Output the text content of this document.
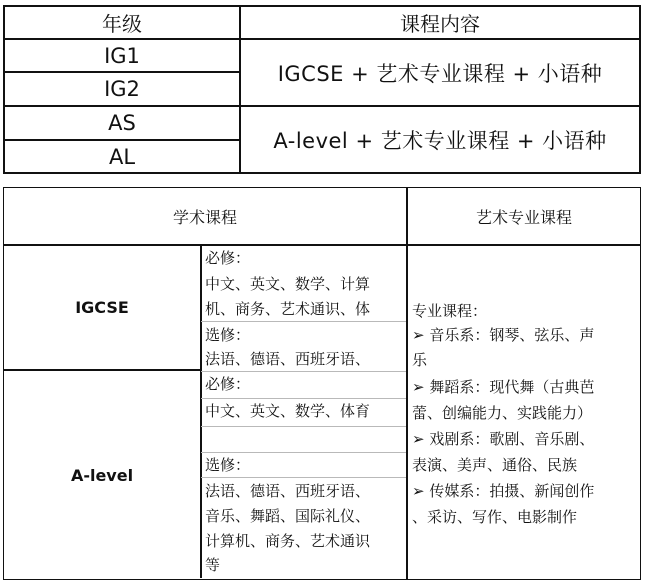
年级	课程内容
IG1
IG2
AS
AL
IGCSE + 艺术专业课程 + 小语种
A-level + 艺术专业课程 + 小语种
学术课程	艺术专业课程
IGCSE
A-level
必修：
中文、英文、数学、计算
机、商务、艺术通识、体
选修：
法语、德语、西班牙语、
必修：
中文、英文、数学、体育
选修：
法语、德语、西班牙语、
音乐、舞蹈、国际礼仪、
计算机、商务、艺术通识
等
专业课程：
➢ 音乐系：钢琴、弦乐、声
乐
➢ 舞蹈系：现代舞（古典芭
蕾、创编能力、实践能力）
➢ 戏剧系：歌剧、音乐剧、
表演、美声、通俗、民族
➢ 传媒系：拍摄、新闻创作
、采访、写作、电影制作
